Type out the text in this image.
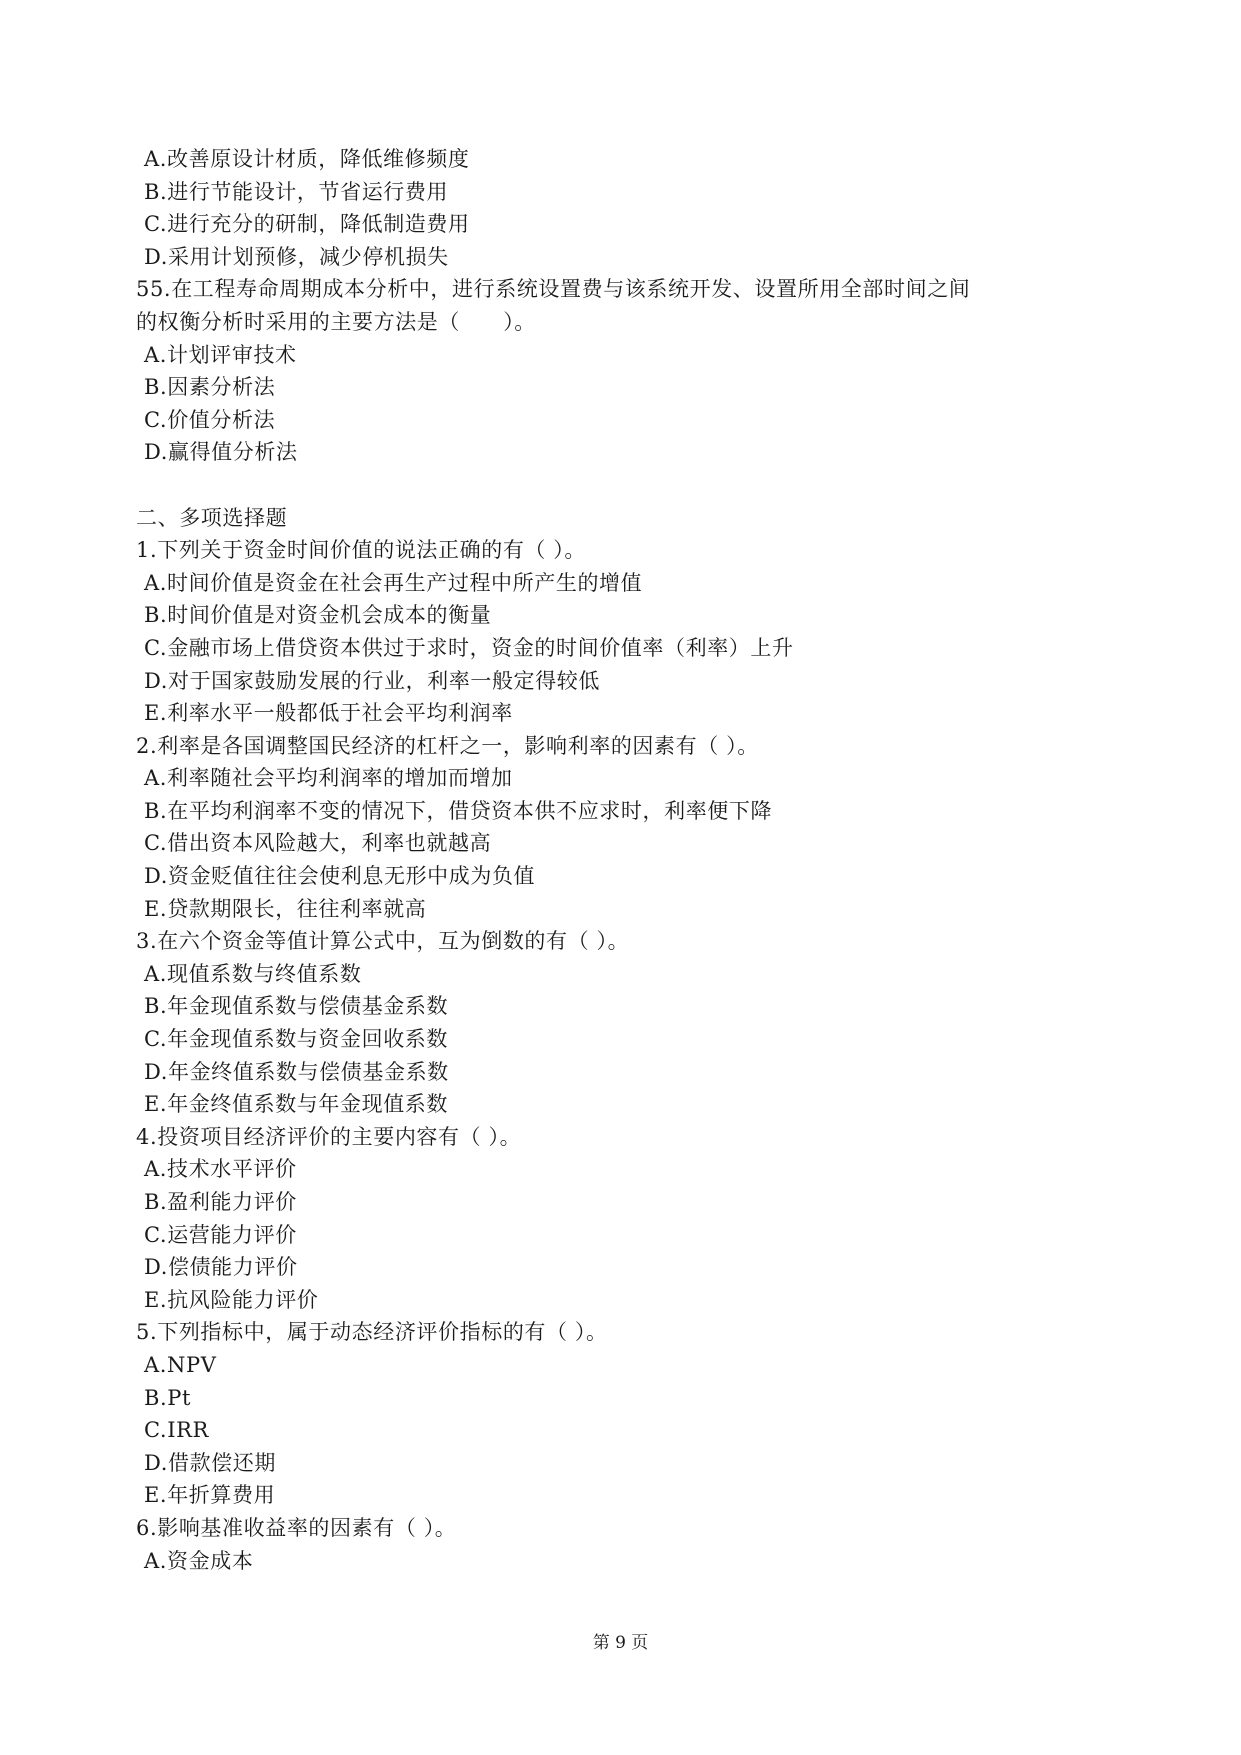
A.改善原设计材质，降低维修频度
B.进行节能设计，节省运行费用
C.进行充分的研制，降低制造费用
D.采用计划预修，减少停机损失
55.在工程寿命周期成本分析中，进行系统设置费与该系统开发、设置所用全部时间之间
的权衡分析时采用的主要方法是（　　）。
A.计划评审技术
B.因素分析法
C.价值分析法
D.赢得值分析法
二、多项选择题
1.下列关于资金时间价值的说法正确的有（ ）。
A.时间价值是资金在社会再生产过程中所产生的增值
B.时间价值是对资金机会成本的衡量
C.金融市场上借贷资本供过于求时，资金的时间价值率（利率）上升
D.对于国家鼓励发展的行业，利率一般定得较低
E.利率水平一般都低于社会平均利润率
2.利率是各国调整国民经济的杠杆之一，影响利率的因素有（ ）。
A.利率随社会平均利润率的增加而增加
B.在平均利润率不变的情况下，借贷资本供不应求时，利率便下降
C.借出资本风险越大，利率也就越高
D.资金贬值往往会使利息无形中成为负值
E.贷款期限长，往往利率就高
3.在六个资金等值计算公式中，互为倒数的有（ ）。
A.现值系数与终值系数
B.年金现值系数与偿债基金系数
C.年金现值系数与资金回收系数
D.年金终值系数与偿债基金系数
E.年金终值系数与年金现值系数
4.投资项目经济评价的主要内容有（ ）。
A.技术水平评价
B.盈利能力评价
C.运营能力评价
D.偿债能力评价
E.抗风险能力评价
5.下列指标中，属于动态经济评价指标的有（ ）。
A.NPV
B.Pt
C.IRR
D.借款偿还期
E.年折算费用
6.影响基准收益率的因素有（ ）。
A.资金成本
第 9 页
